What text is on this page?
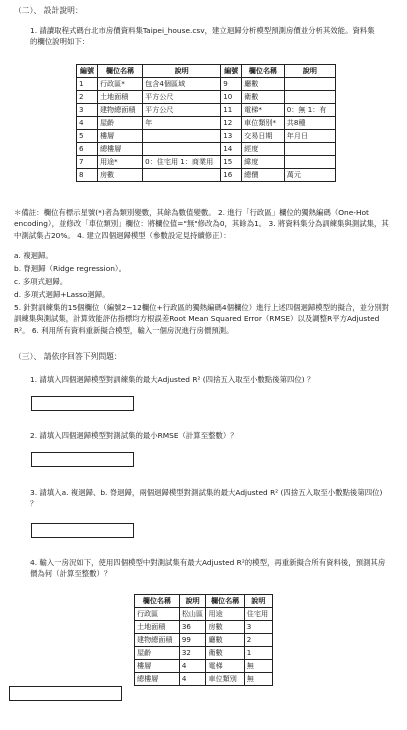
（二）、 設計說明：
1. 請讀取程式碼台北市房價資料集Taipei_house.csv，建立迴歸分析模型預測房價並分析其效能。資料集的欄位說明如下：
編號	欄位名稱	說明	編號	欄位名稱	說明
1	行政區*	包含4個區域	9	廳數	
2	土地面積	平方公尺	10	衛數	
3	建物總面積	平方公尺	11	電梯*	0：無 1：有
4	屋齡	年	12	車位類別*	共8種
5	樓層		13	交易日期	年月日
6	總樓層		14	經度	
7	用途*	0：住宅用 1：商業用	15	緯度	
8	房數		16	總價	萬元
＊備註：欄位有標示星號(*)者為類別變數，其餘為數值變數。 2. 進行「行政區」欄位的獨熱編碼（One-Hot encoding），並修改「車位類別」欄位：將欄位值="無"修改為0，其餘為1。 3. 將資料集分為訓練集與測試集，其中測試集占20%。 4. 建立四個迴歸模型（參數設定見持續修正）：
a. 複迴歸。
b. 脊迴歸（Ridge regression）。
c. 多項式迴歸。
d. 多項式迴歸+Lasso迴歸。
5. 針對訓練集的15個欄位（編號2~12欄位+行政區的獨熱編碼4個欄位）進行上述四個迴歸模型的擬合，並分別對訓練集與測試集，計算效能評估指標均方根誤差Root Mean Squared Error（RMSE）以及調整R平方Adjusted R²。 6. 利用所有資料重新擬合模型，輸入一個房況進行房價預測。
（三）、 請依序回答下列問題：
1. 請填入四個迴歸模型對訓練集的最大Adjusted R² (四捨五入取至小數點後第四位) ？
2. 請填入四個迴歸模型對測試集的最小RMSE（計算至整數）？
3. 請填入a. 複迴歸、b. 脊迴歸，兩個迴歸模型對測試集的最大Adjusted R² (四捨五入取至小數點後第四位) ？
4. 輸入一房況如下，使用四個模型中對測試集有最大Adjusted R²的模型，再重新擬合所有資料後，預測其房價為何（計算至整數）？
欄位名稱	說明	欄位名稱	說明
行政區	松山區	用途	住宅用
土地面積	36	房數	3
建物總面積	99	廳數	2
屋齡	32	衛數	1
樓層	4	電梯	無
總樓層	4	車位類別	無
